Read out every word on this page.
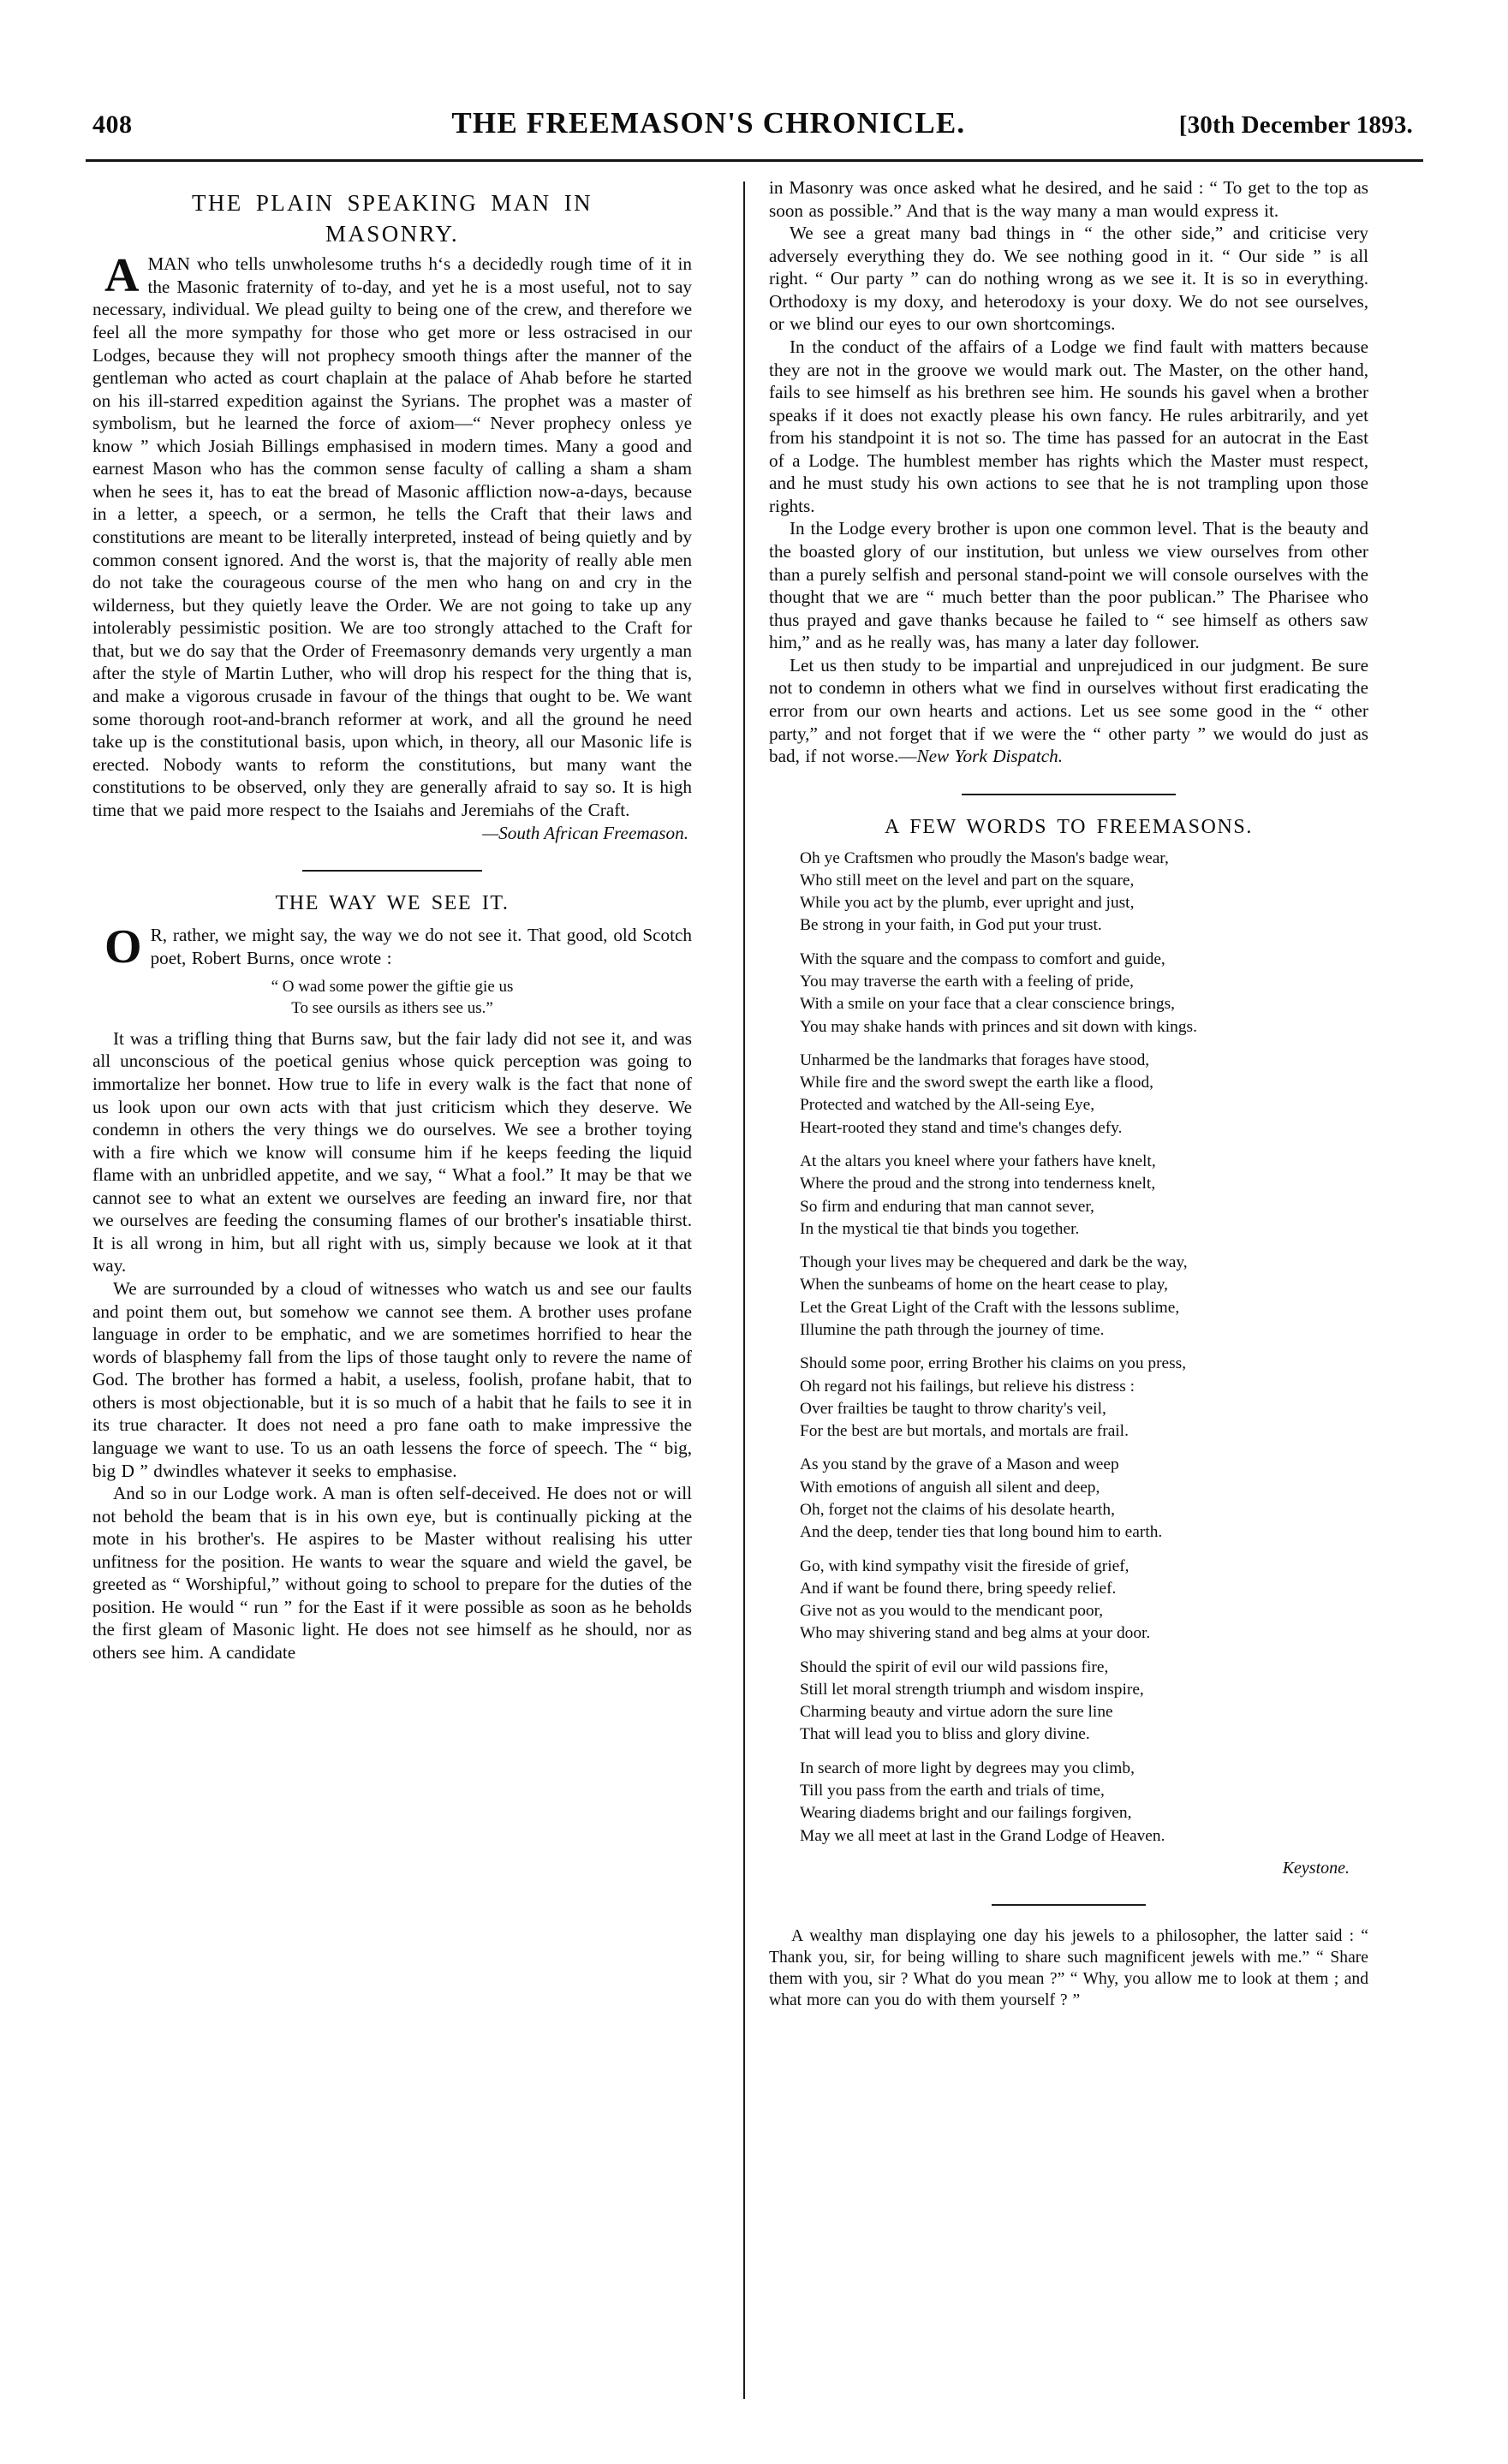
408	THE FREEMASON'S CHRONICLE.	[30th December 1893.
THE PLAIN SPEAKING MAN IN
MASONRY.
AMAN who tells unwholesome truths h‘s a decidedly rough time of it in the Masonic fraternity of to-day, and yet he is a most useful, not to say necessary, individual. We plead guilty to being one of the crew, and therefore we feel all the more sympathy for those who get more or less ostracised in our Lodges, because they will not prophecy smooth things after the manner of the gentleman who acted as court chaplain at the palace of Ahab before he started on his ill-starred expedition against the Syrians. The prophet was a master of symbolism, but he learned the force of axiom—“ Never prophecy onless ye know ” which Josiah Billings emphasised in modern times. Many a good and earnest Mason who has the common sense faculty of calling a sham a sham when he sees it, has to eat the bread of Masonic affliction now-a-days, because in a letter, a speech, or a sermon, he tells the Craft that their laws and constitutions are meant to be literally interpreted, instead of being quietly and by common consent ignored. And the worst is, that the majority of really able men do not take the courageous course of the men who hang on and cry in the wilderness, but they quietly leave the Order. We are not going to take up any intolerably pessimistic position. We are too strongly attached to the Craft for that, but we do say that the Order of Freemasonry demands very urgently a man after the style of Martin Luther, who will drop his respect for the thing that is, and make a vigorous crusade in favour of the things that ought to be. We want some thorough root-and-branch reformer at work, and all the ground he need take up is the constitutional basis, upon which, in theory, all our Masonic life is erected. Nobody wants to reform the constitutions, but many want the constitutions to be observed, only they are generally afraid to say so. It is high time that we paid more respect to the Isaiahs and Jeremiahs of the Craft.

—South African Freemason.

THE WAY WE SEE IT.
O R, rather, we might say, the way we do not see it. That good, old Scotch poet, Robert Burns, once wrote :
“ O wad some power the giftie gie us
To see oursils as ithers see us.”

It was a trifling thing that Burns saw, but the fair lady did not see it, and was all unconscious of the poetical genius whose quick perception was going to immortalize her bonnet. How true to life in every walk is the fact that none of us look upon our own acts with that just criticism which they deserve. We condemn in others the very things we do ourselves. We see a brother toying with a fire which we know will consume him if he keeps feeding the liquid flame with an unbridled appetite, and we say, “ What a fool.” It may be that we cannot see to what an extent we ourselves are feeding an inward fire, nor that we ourselves are feeding the consuming flames of our brother's insatiable thirst. It is all wrong in him, but all right with us, simply because we look at it that way.

We are surrounded by a cloud of witnesses who watch us and see our faults and point them out, but somehow we cannot see them. A brother uses profane language in order to be emphatic, and we are sometimes horrified to hear the words of blasphemy fall from the lips of those taught only to revere the name of God. The brother has formed a habit, a useless, foolish, profane habit, that to others is most objectionable, but it is so much of a habit that he fails to see it in its true character. It does not need a pro fane oath to make impressive the language we want to use. To us an oath lessens the force of speech. The “ big, big D ” dwindles whatever it seeks to emphasise.

And so in our Lodge work. A man is often self-deceived. He does not or will not behold the beam that is in his own eye, but is continually picking at the mote in his brother's. He aspires to be Master without realising his utter unfitness for the position. He wants to wear the square and wield the gavel, be greeted as “ Worshipful,” without going to school to prepare for the duties of the position. He would “ run ” for the East if it were possible as soon as he beholds the first gleam of Masonic light. He does not see himself as he should, nor as others see him. A candidate

in Masonry was once asked what he desired, and he said : “ To get to the top as soon as possible.” And that is the way many a man would express it.

We see a great many bad things in “ the other side,” and criticise very adversely everything they do. We see nothing good in it. “ Our side ” is all right. “ Our party ” can do nothing wrong as we see it. It is so in everything. Orthodoxy is my doxy, and heterodoxy is your doxy. We do not see ourselves, or we blind our eyes to our own shortcomings.

In the conduct of the affairs of a Lodge we find fault with matters because they are not in the groove we would mark out. The Master, on the other hand, fails to see himself as his brethren see him. He sounds his gavel when a brother speaks if it does not exactly please his own fancy. He rules arbitrarily, and yet from his standpoint it is not so. The time has passed for an autocrat in the East of a Lodge. The humblest member has rights which the Master must respect, and he must study his own actions to see that he is not trampling upon those rights.

In the Lodge every brother is upon one common level. That is the beauty and the boasted glory of our institution, but unless we view ourselves from other than a purely selfish and personal stand-point we will console ourselves with the thought that we are “ much better than the poor publican.” The Pharisee who thus prayed and gave thanks because he failed to “ see himself as others saw him,” and as he really was, has many a later day follower.

Let us then study to be impartial and unprejudiced in our judgment. Be sure not to condemn in others what we find in ourselves without first eradicating the error from our own hearts and actions. Let us see some good in the “ other party,” and not forget that if we were the “ other party ” we would do just as bad, if not worse.—New York Dispatch.

A FEW WORDS TO FREEMASONS.
Oh ye Craftsmen who proudly the Mason's badge wear,
Who still meet on the level and part on the square,
While you act by the plumb, ever upright and just,
Be strong in your faith, in God put your trust.
With the square and the compass to comfort and guide,
You may traverse the earth with a feeling of pride,
With a smile on your face that a clear conscience brings,
You may shake hands with princes and sit down with kings.
Unharmed be the landmarks that forages have stood,
While fire and the sword swept the earth like a flood,
Protected and watched by the All-seing Eye,
Heart-rooted they stand and time's changes defy.
At the altars you kneel where your fathers have knelt,
Where the proud and the strong into tenderness knelt,
So firm and enduring that man cannot sever,
In the mystical tie that binds you together.
Though your lives may be chequered and dark be the way,
When the sunbeams of home on the heart cease to play,
Let the Great Light of the Craft with the lessons sublime,
Illumine the path through the journey of time.
Should some poor, erring Brother his claims on you press,
Oh regard not his failings, but relieve his distress :
Over frailties be taught to throw charity's veil,
For the best are but mortals, and mortals are frail.
As you stand by the grave of a Mason and weep
With emotions of anguish all silent and deep,
Oh, forget not the claims of his desolate hearth,
And the deep, tender ties that long bound him to earth.
Go, with kind sympathy visit the fireside of grief,
And if want be found there, bring speedy relief.
Give not as you would to the mendicant poor,
Who may shivering stand and beg alms at your door.
Should the spirit of evil our wild passions fire,
Still let moral strength triumph and wisdom inspire,
Charming beauty and virtue adorn the sure line
That will lead you to bliss and glory divine.
In search of more light by degrees may you climb,
Till you pass from the earth and trials of time,
Wearing diadems bright and our failings forgiven,
May we all meet at last in the Grand Lodge of Heaven.

Keystone.

A wealthy man displaying one day his jewels to a philosopher, the latter said : “ Thank you, sir, for being willing to share such magnificent jewels with me.” “ Share them with you, sir ? What do you mean ?” “ Why, you allow me to look at them ; and what more can you do with them yourself ? ”
